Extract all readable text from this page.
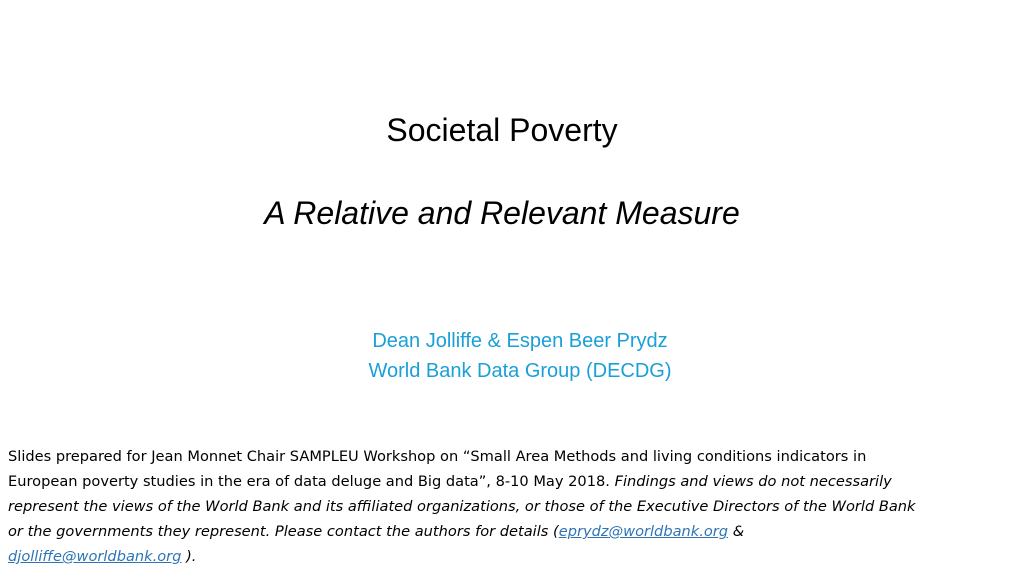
Societal Poverty
A Relative and Relevant Measure
Dean Jolliffe & Espen Beer Prydz
World Bank Data Group (DECDG)
Slides prepared for Jean Monnet Chair SAMPLEU Workshop on “Small Area Methods and living conditions indicators in
European poverty studies in the era of data deluge and Big data”, 8-10 May 2018. Findings and views do not necessarily
represent the views of the World Bank and its affiliated organizations, or those of the Executive Directors of the World Bank
or the governments they represent. Please contact the authors for details (eprydz@worldbank.org &
djolliffe@worldbank.org ).
